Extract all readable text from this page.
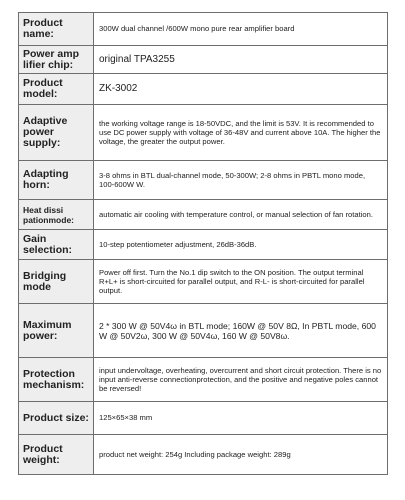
Product name:	300W dual channel /600W mono pure rear amplifier board
Power amp lifier chip:	original TPA3255
Product model:	ZK-3002
Adaptive power supply:	the working voltage range is 18-50VDC, and the limit is 53V. It is recommended to use DC power supply with voltage of 36-48V and current above 10A. The higher the voltage, the greater the output power.
Adapting horn:	3-8 ohms in BTL dual-channel mode, 50-300W; 2-8 ohms in PBTL mono mode, 100-600W W.
Heat dissi pationmode:	automatic air cooling with temperature control, or manual selection of fan rotation.
Gain selection:	10-step potentiometer adjustment, 26dB-36dB.
Bridging mode	Power off first. Turn the No.1 dip switch to the ON position. The output terminal R+L+ is short-circuited for parallel output, and R-L- is short-circuited for parallel output.
Maximum power:	2 * 300 W @ 50V4ω in BTL mode; 160W @ 50V 8Ω, In PBTL mode, 600 W @ 50V2ω, 300 W @ 50V4ω, 160 W @ 50V8ω.
Protection mechanism:	input undervoltage, overheating, overcurrent and short circuit protection. There is no input anti-reverse connectionprotection, and the positive and negative poles cannot be reversed!
Product size:	125×65×38 mm
Product weight:	product net weight: 254g Including package weight: 289g
